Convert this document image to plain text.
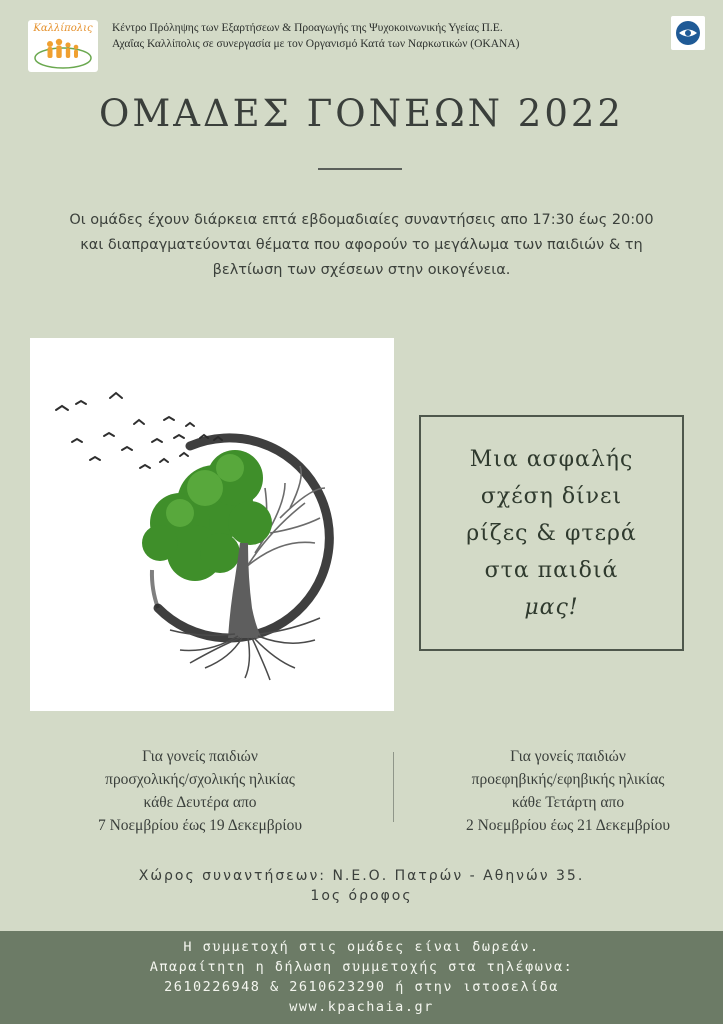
Καλλίπολις	Κέντρο Πρόληψης των Εξαρτήσεων & Προαγωγής της Ψυχοκοινωνικής Υγείας Π.Ε.
Αχαΐας Καλλίπολις σε συνεργασία με τον Οργανισμό Κατά των Ναρκωτικών (ΟΚΑΝΑ)
ΟΜΑΔΕΣ ΓΟΝΕΩΝ 2022
Οι ομάδες έχουν διάρκεια επτά εβδομαδιαίες συναντήσεις απο 17:30 έως 20:00 και διαπραγματεύονται θέματα που αφορούν το μεγάλωμα των παιδιών & τη βελτίωση των σχέσεων στην οικογένεια.
Μια ασφαλής
σχέση δίνει
ρίζες & φτερά
στα παιδιά
μας!
Για γονείς παιδιών
προσχολικής/σχολικής ηλικίας
κάθε Δευτέρα απο
7 Νοεμβρίου έως 19 Δεκεμβρίου
Για γονείς παιδιών
προεφηβικής/εφηβικής ηλικίας
κάθε Τετάρτη απο
2 Νοεμβρίου έως 21 Δεκεμβρίου
Χώρος συναντήσεων: Ν.Ε.Ο. Πατρών - Αθηνών 35.
1ος όροφος
Η συμμετοχή στις ομάδες είναι δωρεάν.
Απαραίτητη η δήλωση συμμετοχής στα τηλέφωνα:
2610226948 & 2610623290 ή στην ιστοσελίδα
www.kpachaia.gr
